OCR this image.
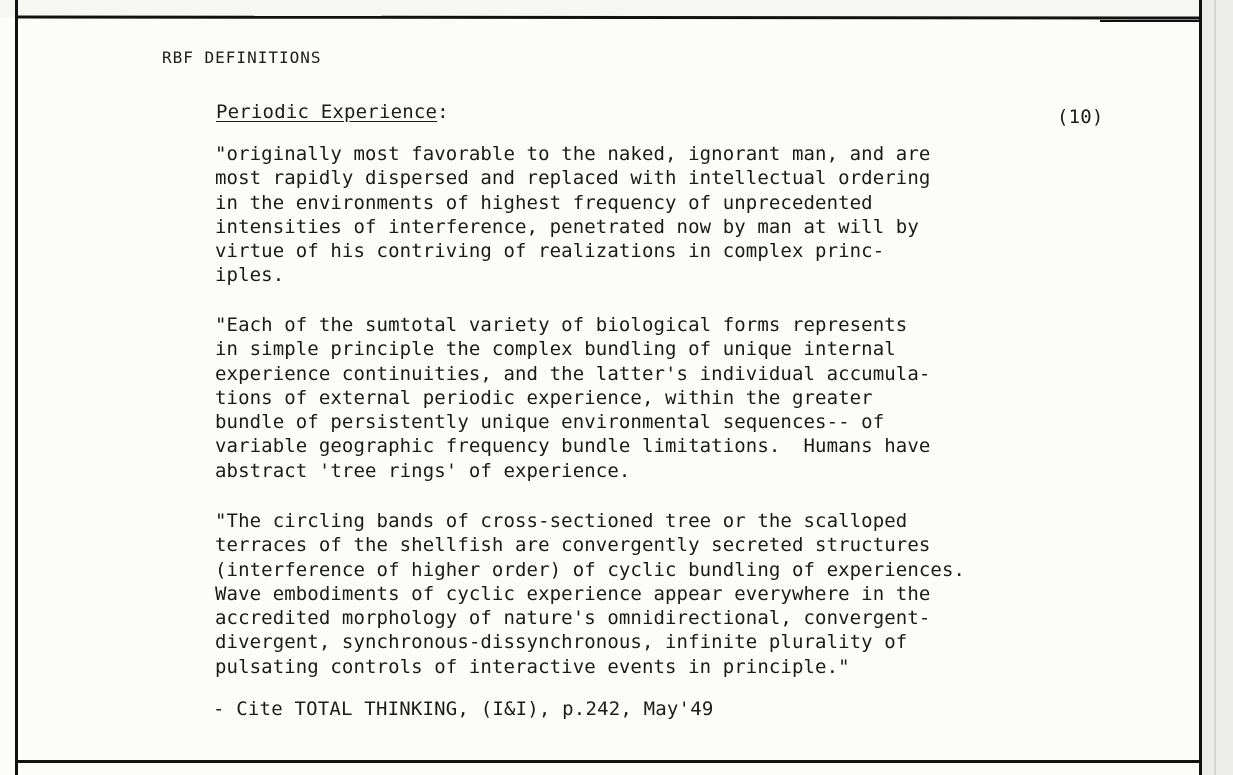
RBF DEFINITIONS
Periodic Experience:	(10)
"originally most favorable to the naked, ignorant man, and are
most rapidly dispersed and replaced with intellectual ordering
in the environments of highest frequency of unprecedented
intensities of interference, penetrated now by man at will by
virtue of his contriving of realizations in complex princ-
iples.
"Each of the sumtotal variety of biological forms represents
in simple principle the complex bundling of unique internal
experience continuities, and the latter's individual accumula-
tions of external periodic experience, within the greater
bundle of persistently unique environmental sequences-- of
variable geographic frequency bundle limitations.  Humans have
abstract 'tree rings' of experience.
"The circling bands of cross-sectioned tree or the scalloped
terraces of the shellfish are convergently secreted structures
(interference of higher order) of cyclic bundling of experiences.
Wave embodiments of cyclic experience appear everywhere in the
accredited morphology of nature's omnidirectional, convergent-
divergent, synchronous-dissynchronous, infinite plurality of
pulsating controls of interactive events in principle."
- Cite TOTAL THINKING, (I&I), p.242, May'49
